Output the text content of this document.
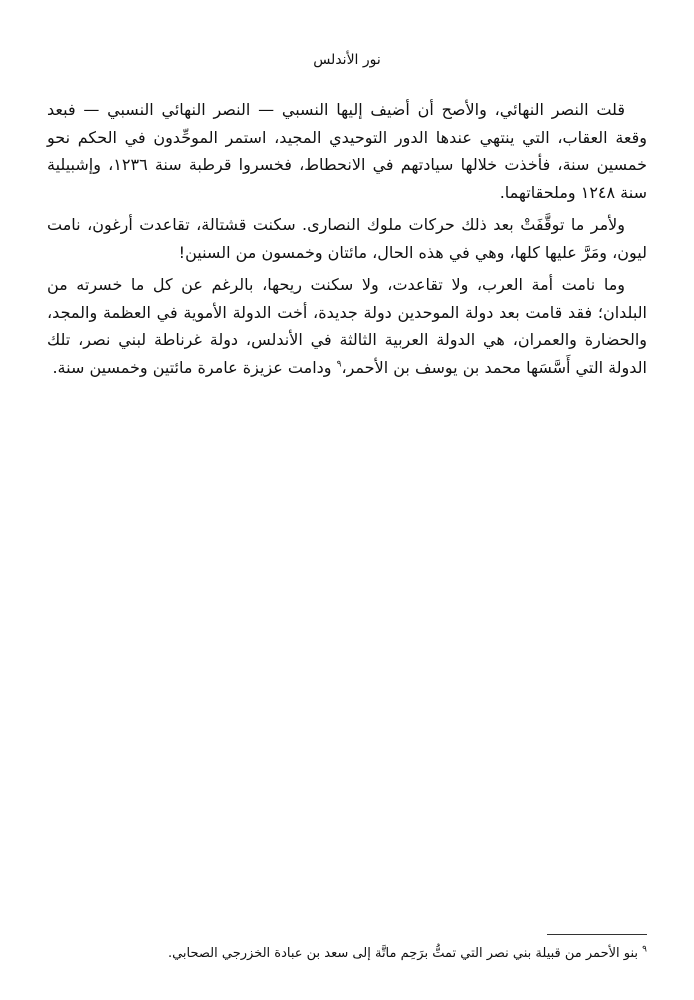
نور الأندلس

قلت النصر النهائي، والأصح أن أضيف إليها النسبي — النصر النهائي النسبي — فبعد وقعة العقاب، التي ينتهي عندها الدور التوحيدي المجيد، استمر الموحِّدون في الحكم نحو خمسين سنة، فأخذت خلالها سيادتهم في الانحطاط، فخسروا قرطبة سنة ١٢٣٦، وإشبيلية سنة ١٢٤٨ وملحقاتهما.

ولأمر ما توقَّفَتْ بعد ذلك حركات ملوك النصارى. سكنت قشتالة، تقاعدت أرغون، نامت ليون، ومَرَّ عليها كلها، وهي في هذه الحال، مائتان وخمسون من السنين!

وما نامت أمة العرب، ولا تقاعدت، ولا سكنت ريحها، بالرغم عن كل ما خسرته من البلدان؛ فقد قامت بعد دولة الموحدين دولة جديدة، أخت الدولة الأموية في العظمة والمجد، والحضارة والعمران، هي الدولة العربية الثالثة في الأندلس، دولة غرناطة لبني نصر، تلك الدولة التي أَسَّسَها محمد بن يوسف بن الأحمر،$^٩$ ودامت عزيزة عامرة مائتين وخمسين سنة.

$^٩$ بنو الأحمر من قبيلة بني نصر التي تمتُّ برَحِم ماتَّة إلى سعد بن عبادة الخزرجي الصحابي.
